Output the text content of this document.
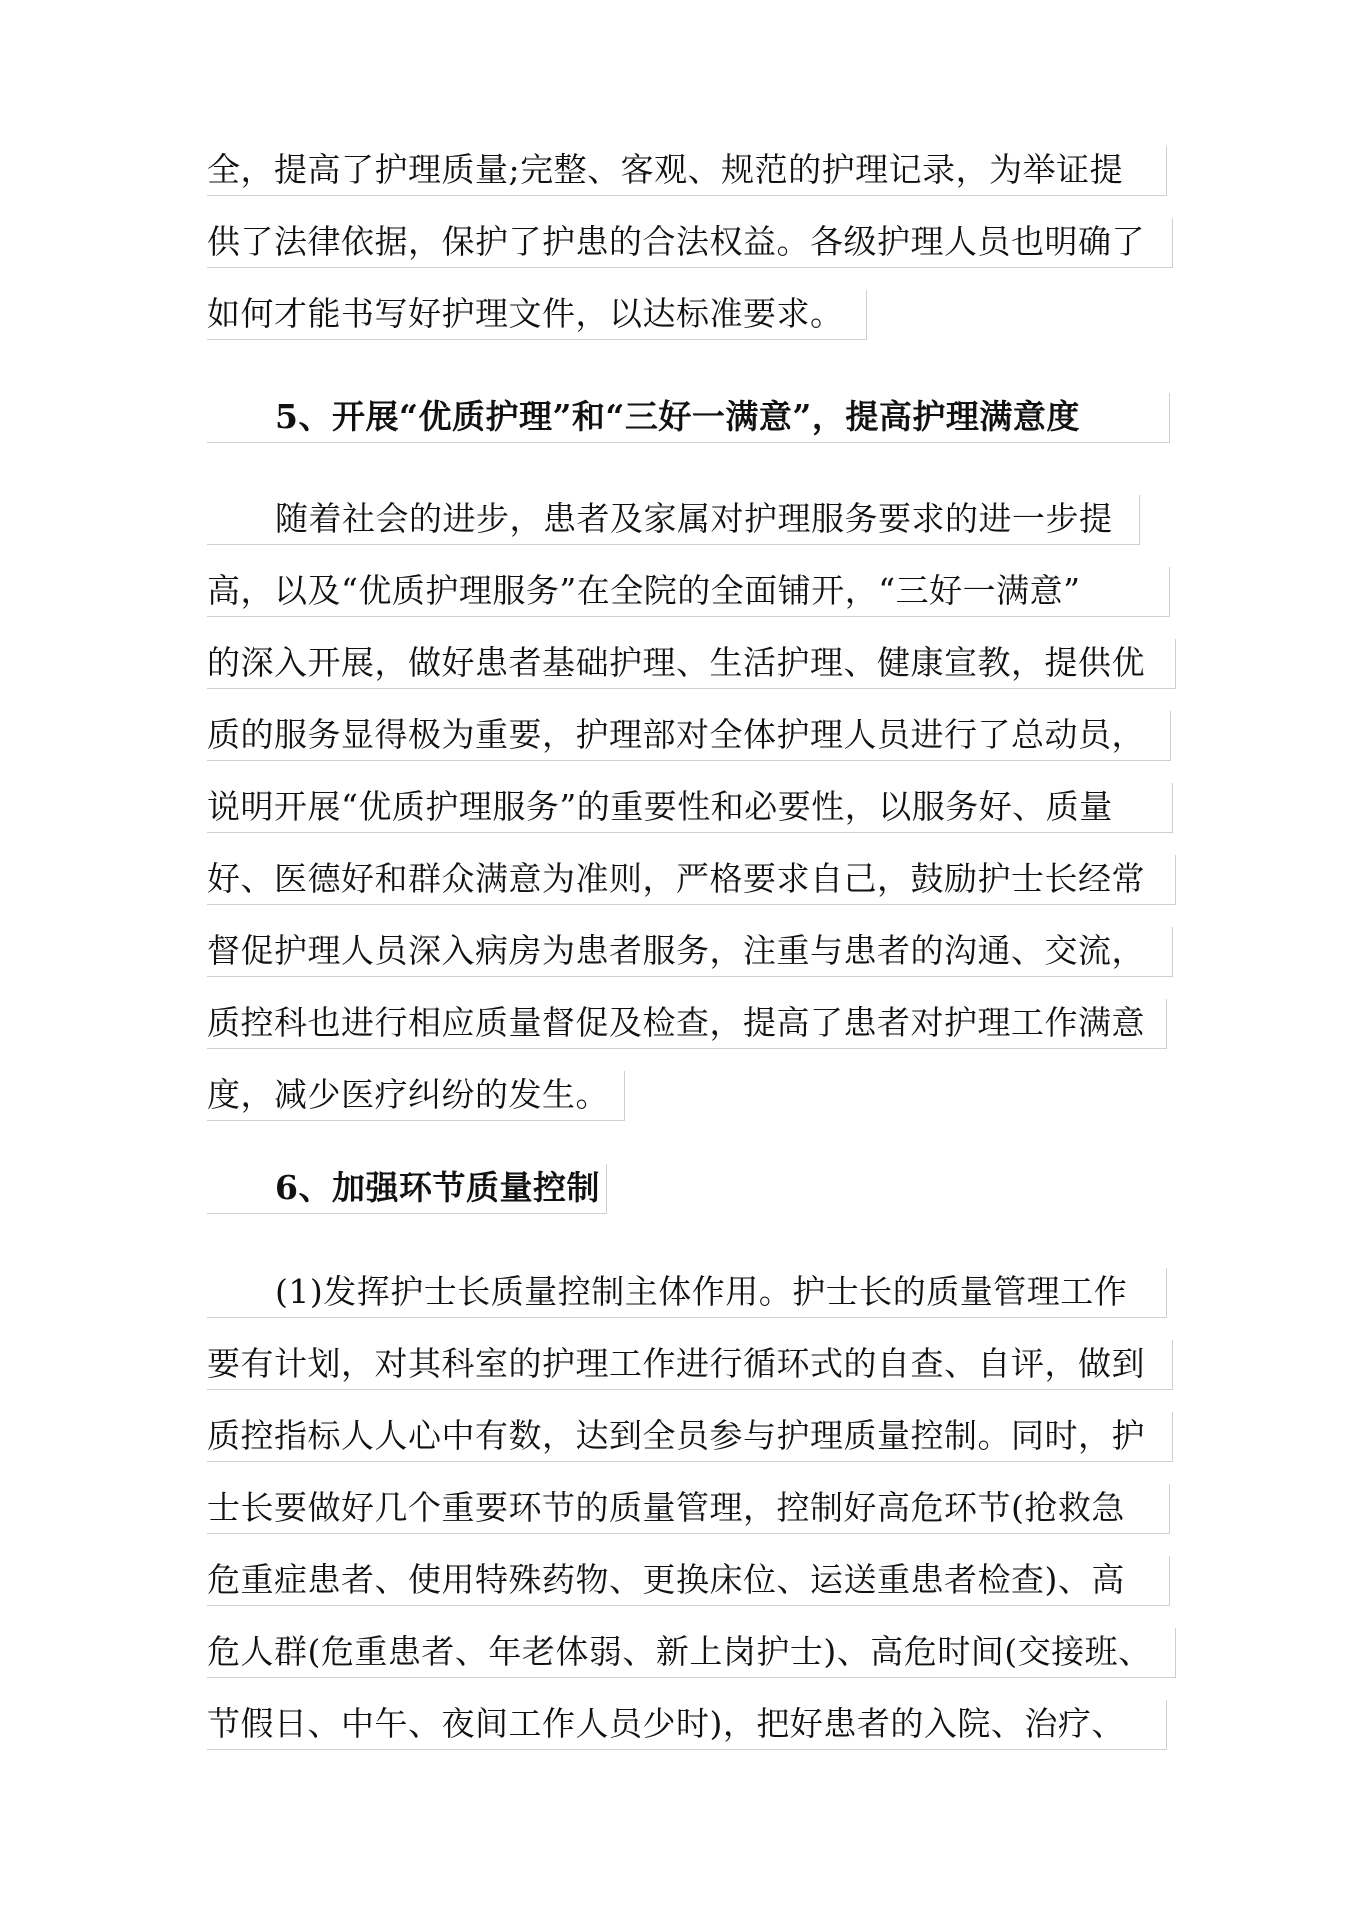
全，提高了护理质量;完整、客观、规范的护理记录，为举证提
供了法律依据，保护了护患的合法权益。各级护理人员也明确了
如何才能书写好护理文件，以达标准要求。
5、开展“优质护理”和“三好一满意”，提高护理满意度
随着社会的进步，患者及家属对护理服务要求的进一步提
高，以及“优质护理服务”在全院的全面铺开，“三好一满意”
的深入开展，做好患者基础护理、生活护理、健康宣教，提供优
质的服务显得极为重要，护理部对全体护理人员进行了总动员，
说明开展“优质护理服务”的重要性和必要性，以服务好、质量
好、医德好和群众满意为准则，严格要求自己，鼓励护士长经常
督促护理人员深入病房为患者服务，注重与患者的沟通、交流，
质控科也进行相应质量督促及检查，提高了患者对护理工作满意
度，减少医疗纠纷的发生。
6、加强环节质量控制
(1)发挥护士长质量控制主体作用。护士长的质量管理工作
要有计划，对其科室的护理工作进行循环式的自查、自评，做到
质控指标人人心中有数，达到全员参与护理质量控制。同时，护
士长要做好几个重要环节的质量管理，控制好高危环节(抢救急
危重症患者、使用特殊药物、更换床位、运送重患者检查)、高
危人群(危重患者、年老体弱、新上岗护士)、高危时间(交接班、
节假日、中午、夜间工作人员少时)，把好患者的入院、治疗、
